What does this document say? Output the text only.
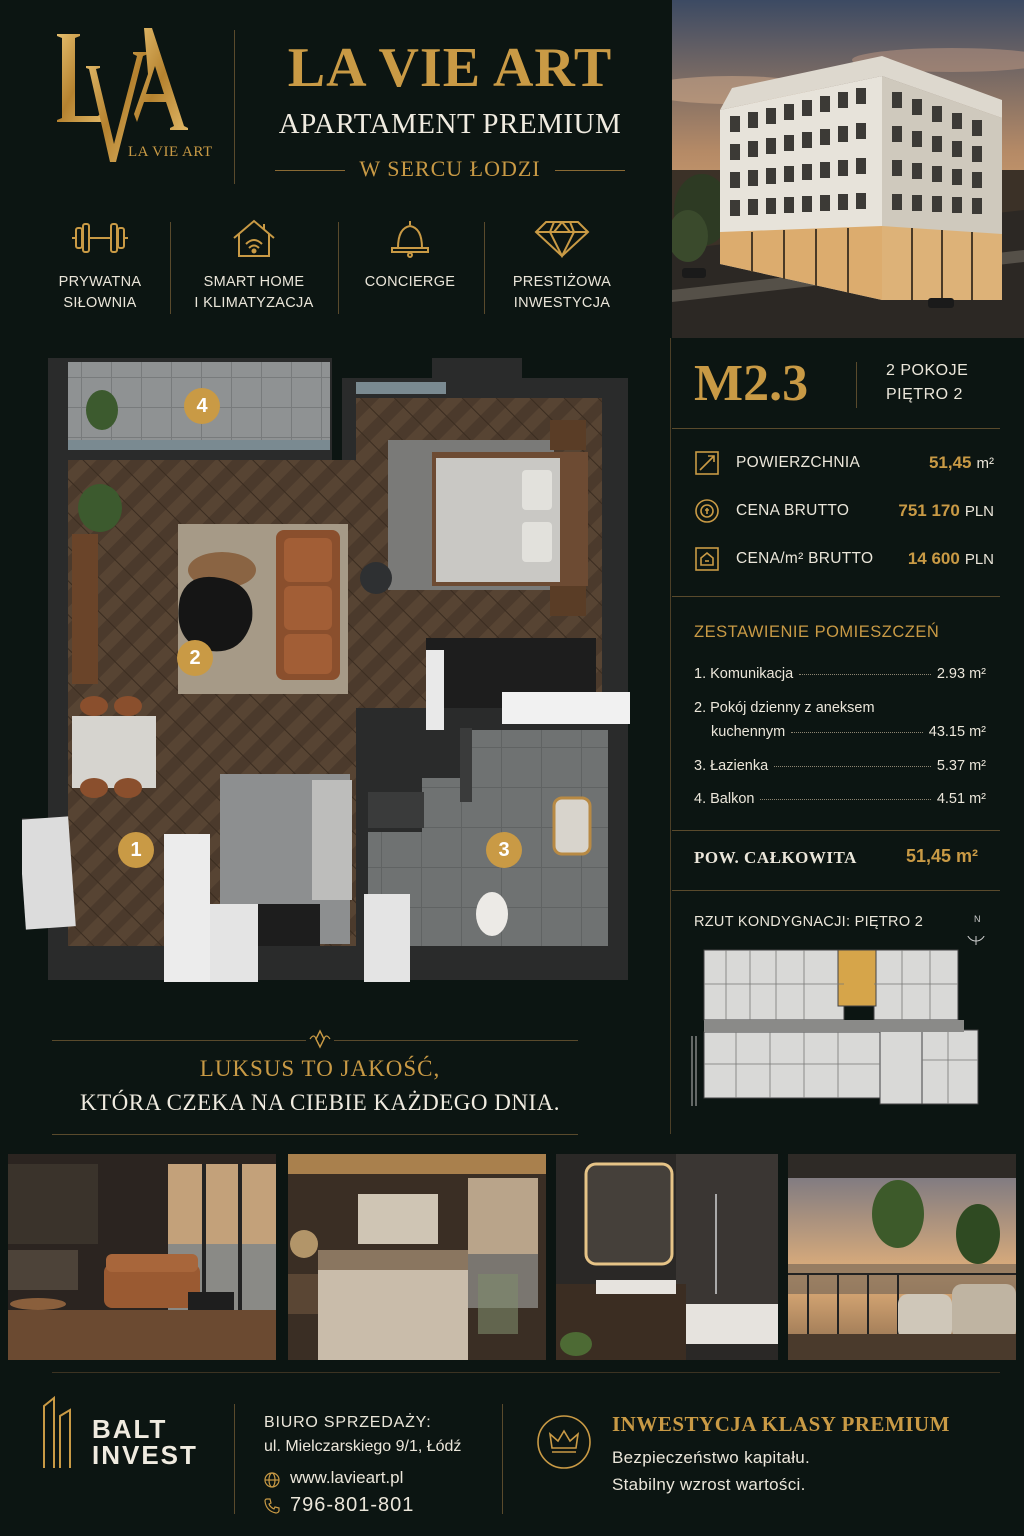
LA VIE ART
LA VIE ART
APARTAMENT PREMIUM
W SERCU ŁODZI
PRYWATNA
SIŁOWNIA
SMART HOME
I KLIMATYZACJA
CONCIERGE	PRESTIŻOWA
INWESTYCJA
4
2
1	3
M2.3	2 POKOJE
PIĘTRO 2
POWIERZCHNIA	51,45 m²
CENA BRUTTO	751 170 PLN
CENA/m² BRUTTO	14 600 PLN
ZESTAWIENIE POMIESZCZEŃ
1. Komunikacja	2.93 m²
2. Pokój dzienny z aneksem
kuchennym	43.15 m²
3. Łazienka	5.37 m²
4. Balkon	4.51 m²
POW. CAŁKOWITA	51,45 m²
RZUT KONDYGNACJI: PIĘTRO 2	N
LUKSUS TO JAKOŚĆ,
KTÓRA CZEKA NA CIEBIE KAŻDEGO DNIA.
BALT
INVEST
BIURO SPRZEDAŻY:
ul. Mielczarskiego 9/1, Łódź
www.lavieart.pl
796-801-801
INWESTYCJA KLASY PREMIUM
Bezpieczeństwo kapitału.
Stabilny wzrost wartości.
